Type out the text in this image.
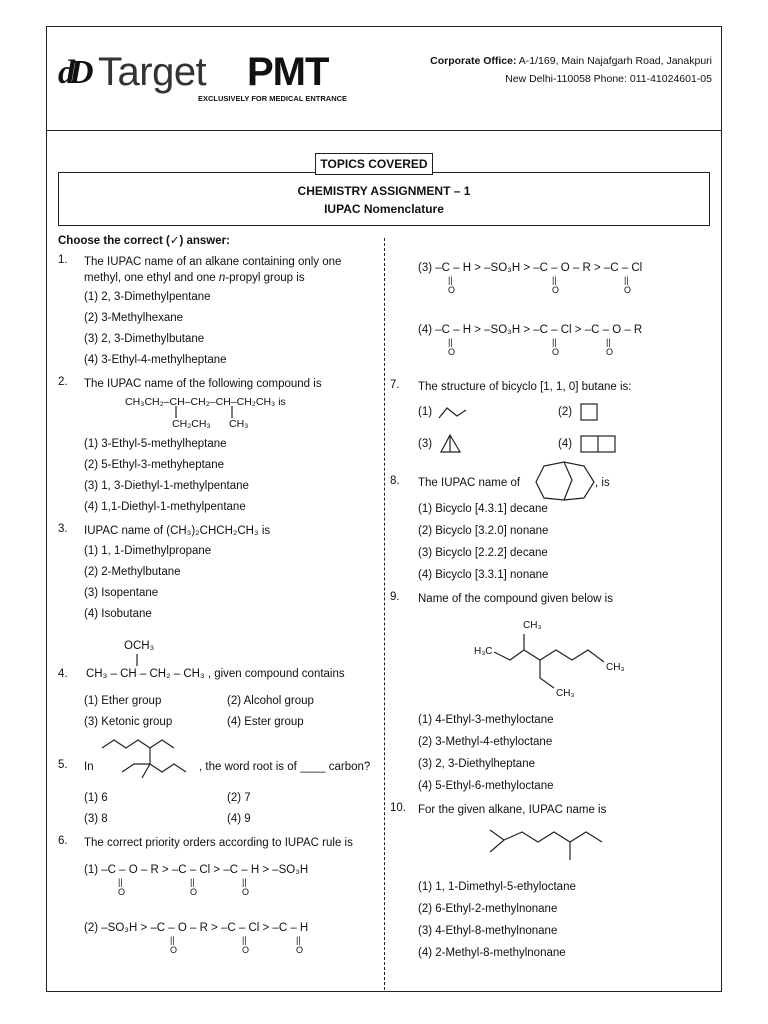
dD Target PMT
EXCLUSIVELY FOR MEDICAL ENTRANCE
Corporate Office: A-1/169, Main Najafgarh Road, Janakpuri
New Delhi-110058 Phone: 011-41024601-05
CHEMISTRY ASSIGNMENT – 1
IUPAC Nomenclature
TOPICS COVERED
Choose the correct (✓) answer:
1. The IUPAC name of an alkane containing only one
methyl, one ethyl and one n-propyl group is
(1) 2, 3-Dimethylpentane
(2) 3-Methylhexane
(3) 2, 3-Dimethylbutane
(4) 3-Ethyl-4-methylheptane
2. The IUPAC name of the following compound is
CH₃CH₂–CH–CH₂–CH–CH₂CH₃ is
CH₂CH₃ CH₃
(1) 3-Ethyl-5-methylheptane
(2) 5-Ethyl-3-methyheptane
(3) 1, 3-Diethyl-1-methylpentane
(4) 1,1-Diethyl-1-methylpentane
3. IUPAC name of (CH₃)₂CHCH₂CH₃ is
(1) 1, 1-Dimethylpropane
(2) 2-Methylbutane
(3) Isopentane
(4) Isobutane
OCH₃
4. CH₃ – CH – CH₂ – CH₃ , given compound contains
(1) Ether group	(2) Alcohol group
(3) Ketonic group	(4) Ester group
5. In	, the word root is of ____ carbon?
(1) 6	(2) 7
(3) 8	(4) 9
6. The correct priority orders according to IUPAC rule is
(1) –C – O – R > –C – Cl > –C – H > –SO₃H
||
O
||
O
||
O
(2) –SO₃H > –C – O – R > –C – Cl > –C – H
||
O
||
O
||
O
(3) –C – H > –SO₃H > –C – O – R > –C – Cl
||
O
||
O
||
O
(4) –C – H > –SO₃H > –C – Cl > –C – O – R
||
O
||
O
||
O
7. The structure of bicyclo [1, 1, 0] butane is:
(1)	(2)
(3)	(4)
8. The IUPAC name of	, is
(1) Bicyclo [4.3.1] decane
(2) Bicyclo [3.2.0] nonane
(3) Bicyclo [2.2.2] decane
(4) Bicyclo [3.3.1] nonane
9. Name of the compound given below is
CH₃
H₃C
CH₃
CH₃
(1) 4-Ethyl-3-methyloctane
(2) 3-Methyl-4-ethyloctane
(3) 2, 3-Diethylheptane
(4) 5-Ethyl-6-methyloctane
10. For the given alkane, IUPAC name is
(1) 1, 1-Dimethyl-5-ethyloctane
(2) 6-Ethyl-2-methylnonane
(3) 4-Ethyl-8-methylnonane
(4) 2-Methyl-8-methylnonane
